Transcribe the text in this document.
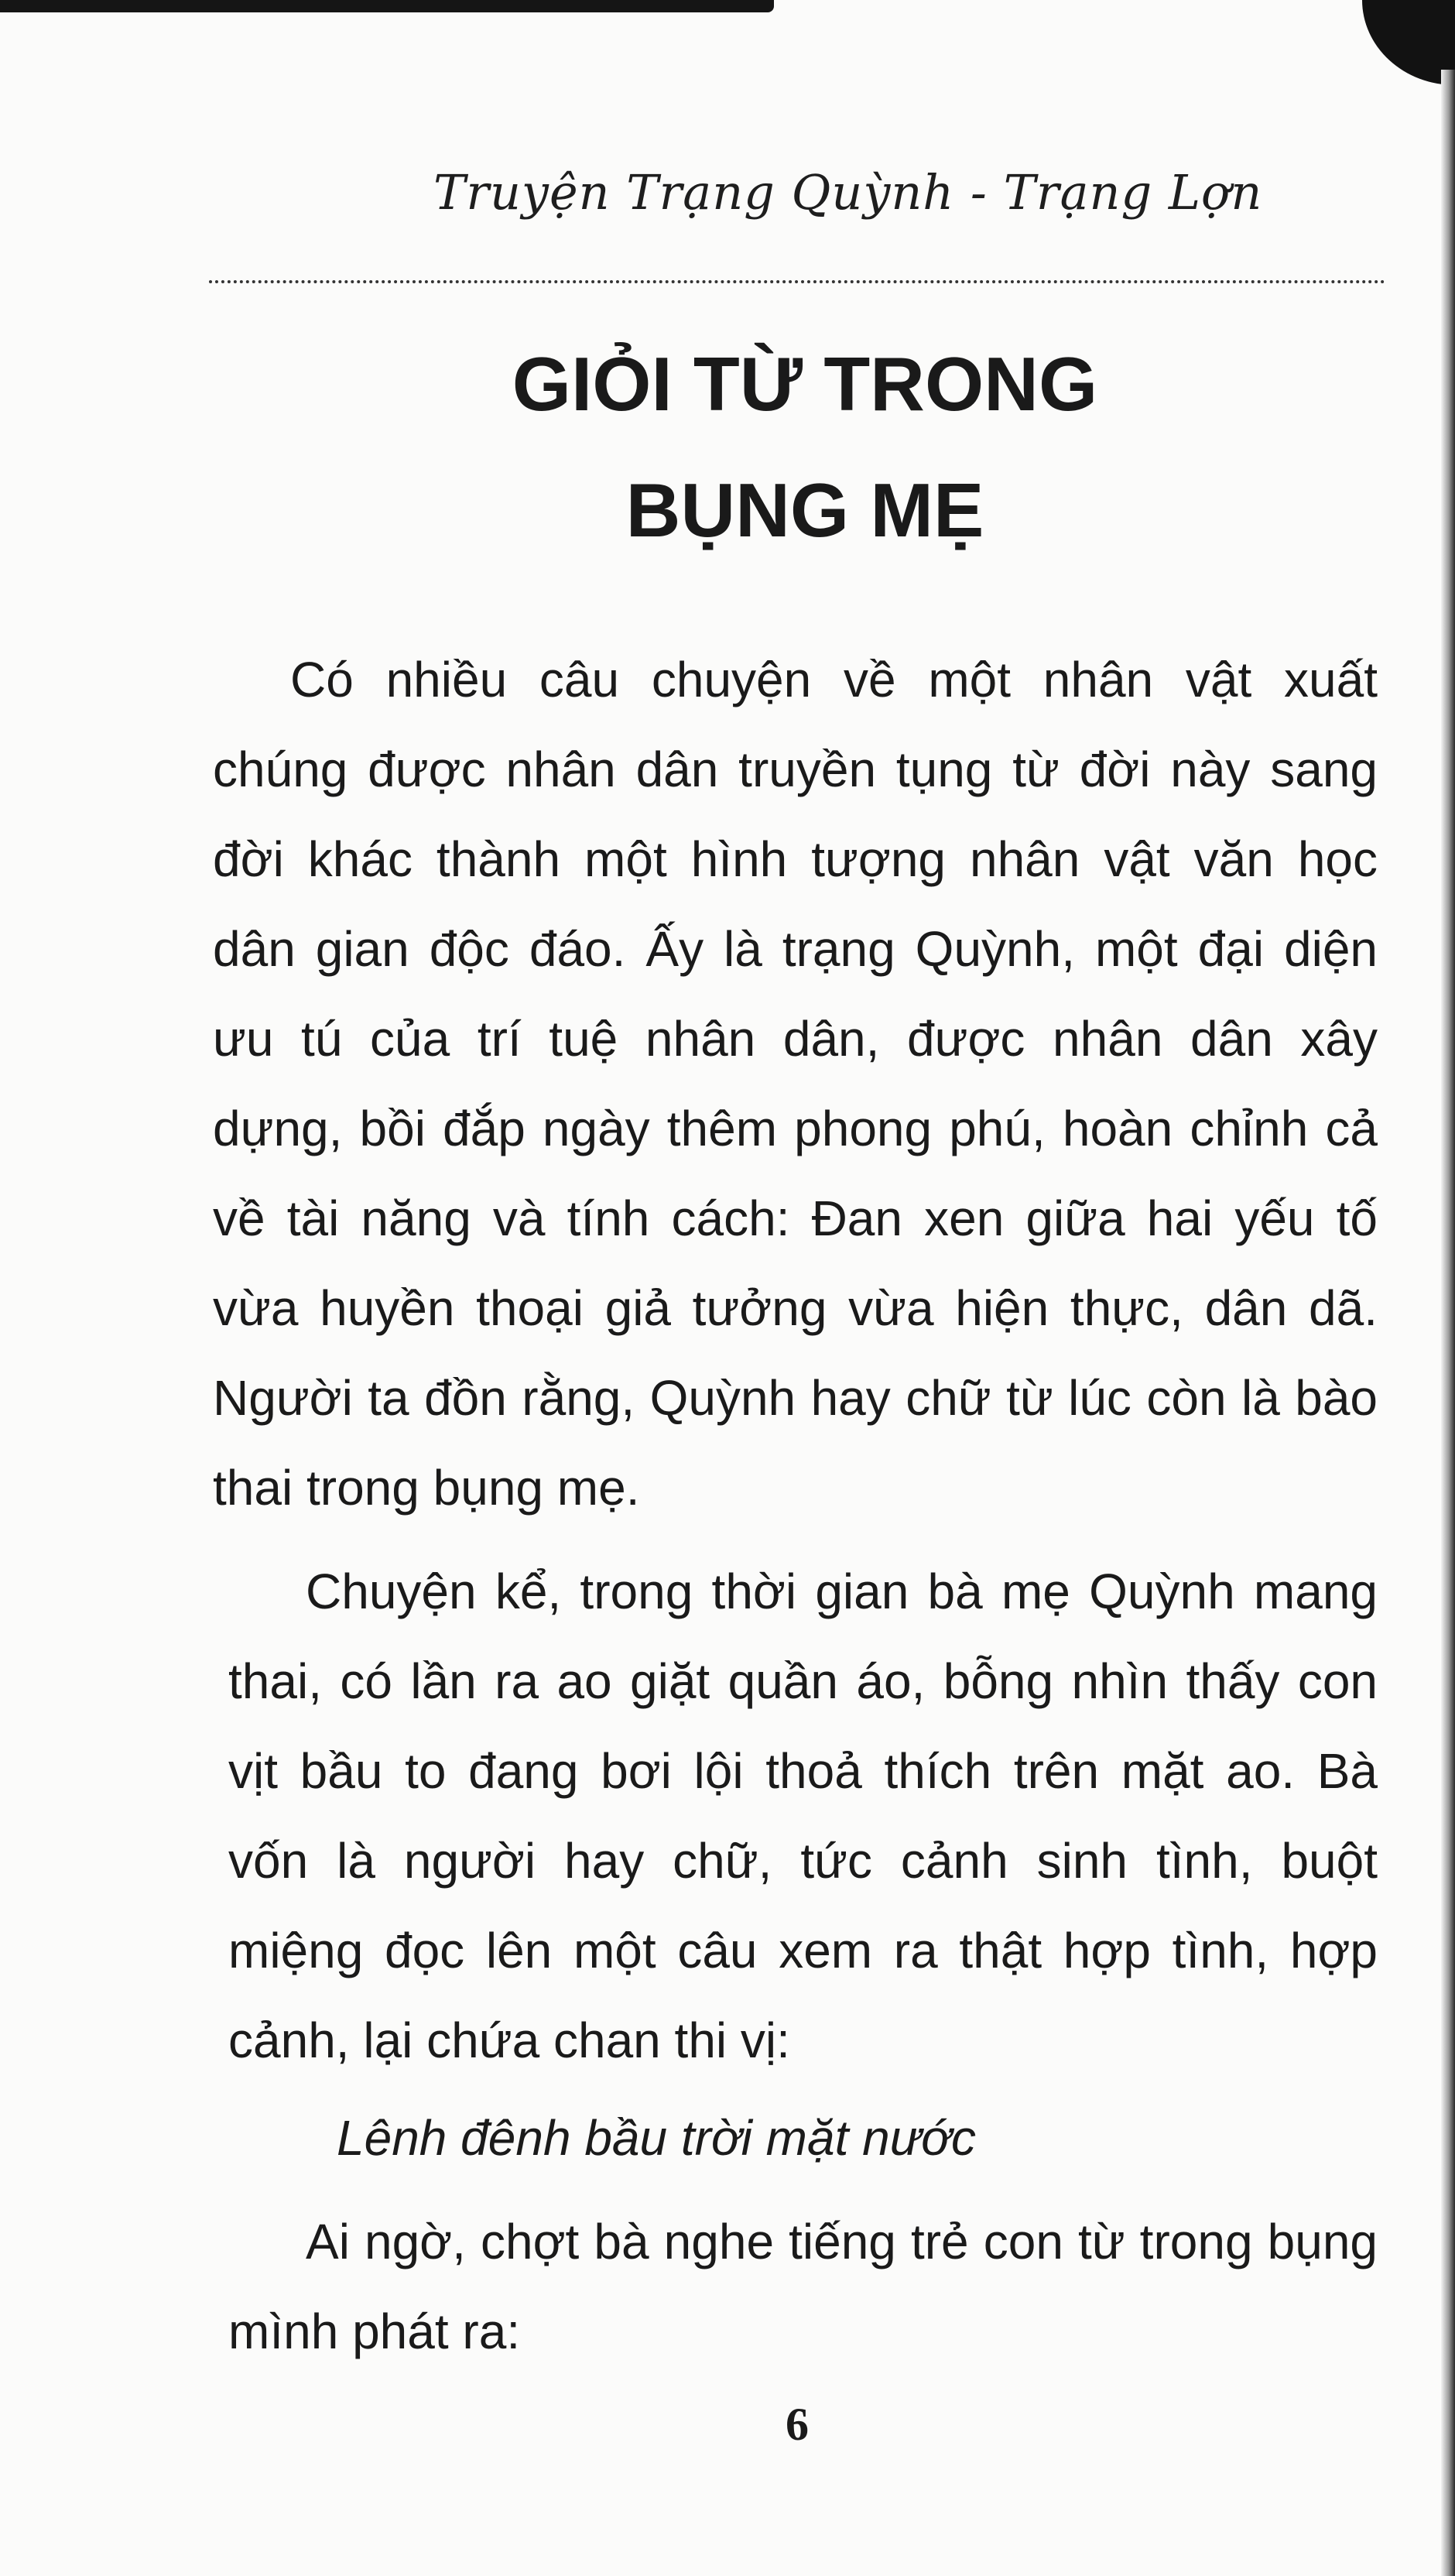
Truyện Trạng Quỳnh - Trạng Lợn
GIỎI TỪ TRONG
BỤNG MẸ

Có nhiều câu chuyện về một nhân vật xuất chúng được nhân dân truyền tụng từ đời này sang đời khác thành một hình tượng nhân vật văn học dân gian độc đáo. Ấy là trạng Quỳnh, một đại diện ưu tú của trí tuệ nhân dân, được nhân dân xây dựng, bồi đắp ngày thêm phong phú, hoàn chỉnh cả về tài năng và tính cách: Đan xen giữa hai yếu tố vừa huyền thoại giả tưởng vừa hiện thực, dân dã. Người ta đồn rằng, Quỳnh hay chữ từ lúc còn là bào thai trong bụng mẹ.

Chuyện kể, trong thời gian bà mẹ Quỳnh mang thai, có lần ra ao giặt quần áo, bỗng nhìn thấy con vịt bầu to đang bơi lội thoả thích trên mặt ao. Bà vốn là người hay chữ, tức cảnh sinh tình, buột miệng đọc lên một câu xem ra thật hợp tình, hợp cảnh, lại chứa chan thi vị:

Lênh đênh bầu trời mặt nước

Ai ngờ, chợt bà nghe tiếng trẻ con từ trong bụng mình phát ra:

6
